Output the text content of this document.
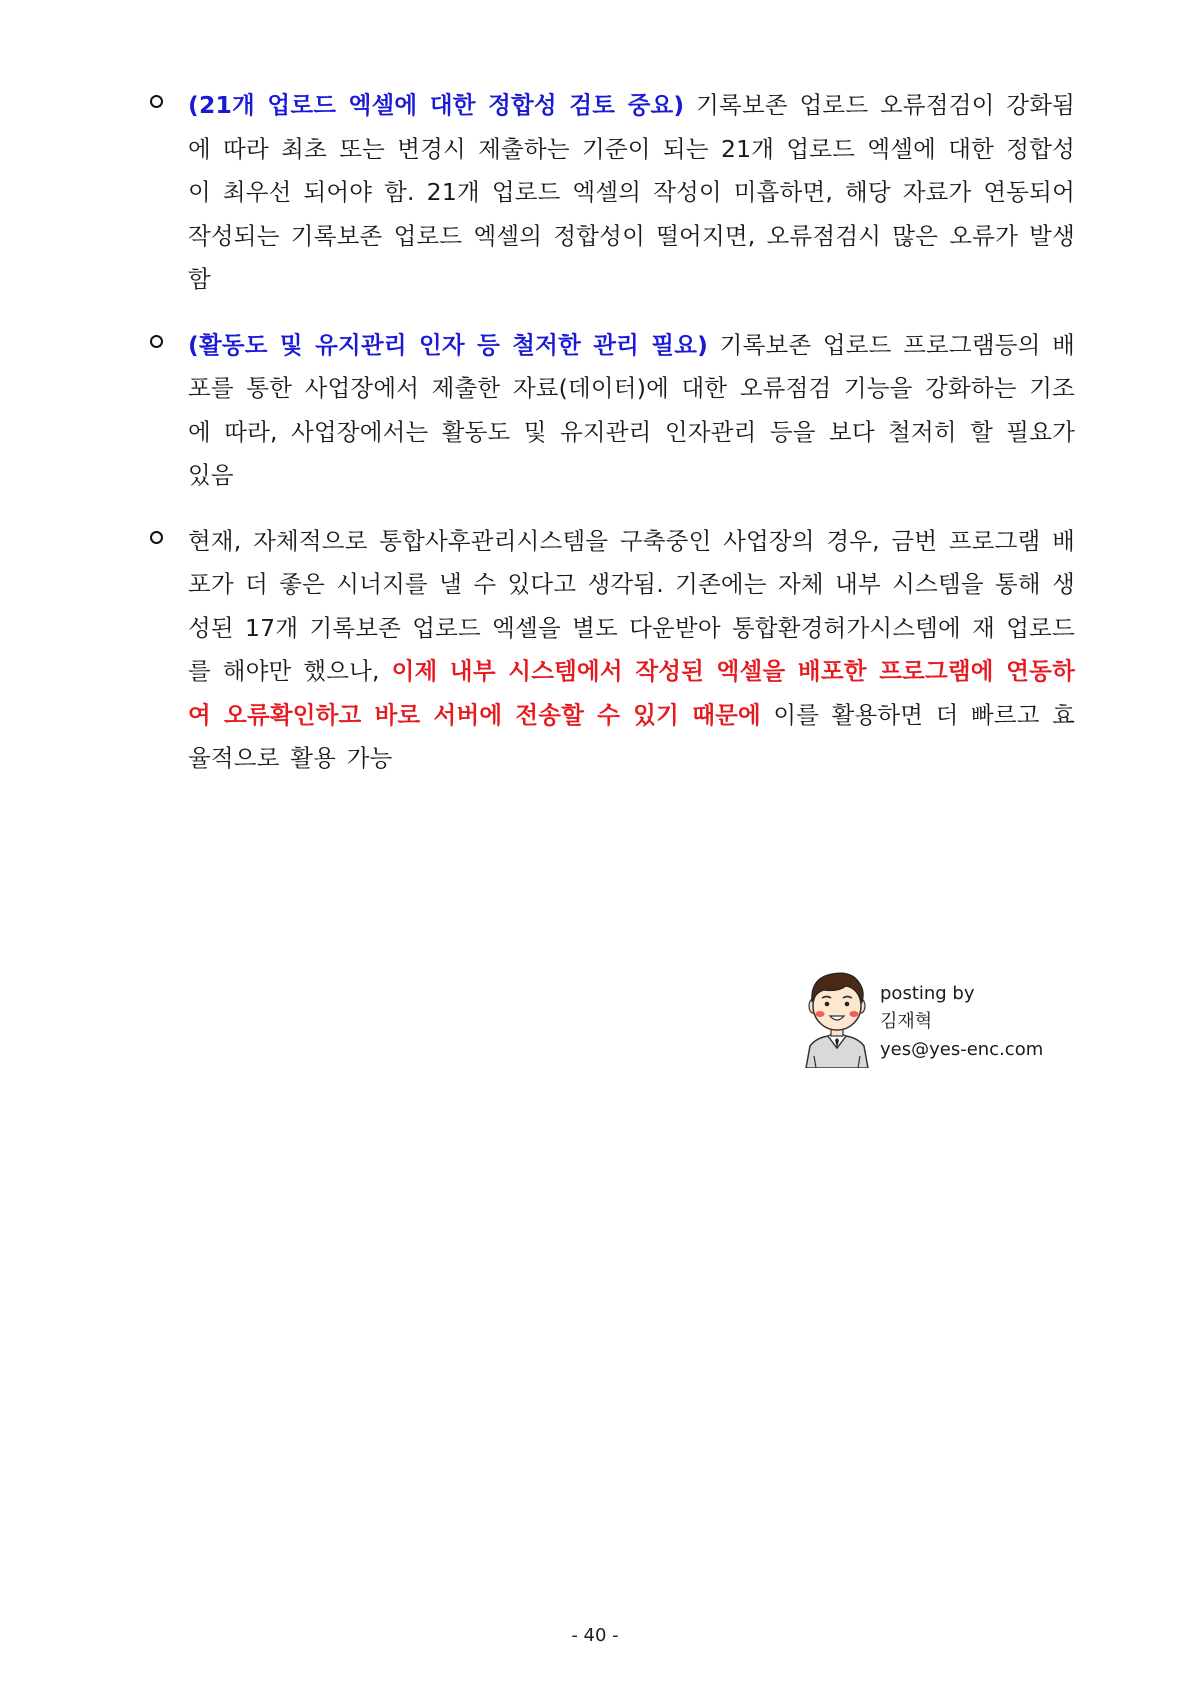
(21개 업로드 엑셀에 대한 정합성 검토 중요) 기록보존 업로드 오류점검이 강화됨에 따라 최초 또는 변경시 제출하는 기준이 되는 21개 업로드 엑셀에 대한 정합성이 최우선 되어야 함. 21개 업로드 엑셀의 작성이 미흡하면, 해당 자료가 연동되어 작성되는 기록보존 업로드 엑셀의 정합성이 떨어지면, 오류점검시 많은 오류가 발생함
(활동도 및 유지관리 인자 등 철저한 관리 필요) 기록보존 업로드 프로그램등의 배포를 통한 사업장에서 제출한 자료(데이터)에 대한 오류점검 기능을 강화하는 기조에 따라, 사업장에서는 활동도 및 유지관리 인자관리 등을 보다 철저히 할 필요가 있음
현재, 자체적으로 통합사후관리시스템을 구축중인 사업장의 경우, 금번 프로그램 배포가 더 좋은 시너지를 낼 수 있다고 생각됨. 기존에는 자체 내부 시스템을 통해 생성된 17개 기록보존 업로드 엑셀을 별도 다운받아 통합환경허가시스템에 재 업로드를 해야만 했으나, 이제 내부 시스템에서 작성된 엑셀을 배포한 프로그램에 연동하여 오류확인하고 바로 서버에 전송할 수 있기 때문에 이를 활용하면 더 빠르고 효율적으로 활용 가능
posting by
김재혁
yes@yes-enc.com
- 40 -
